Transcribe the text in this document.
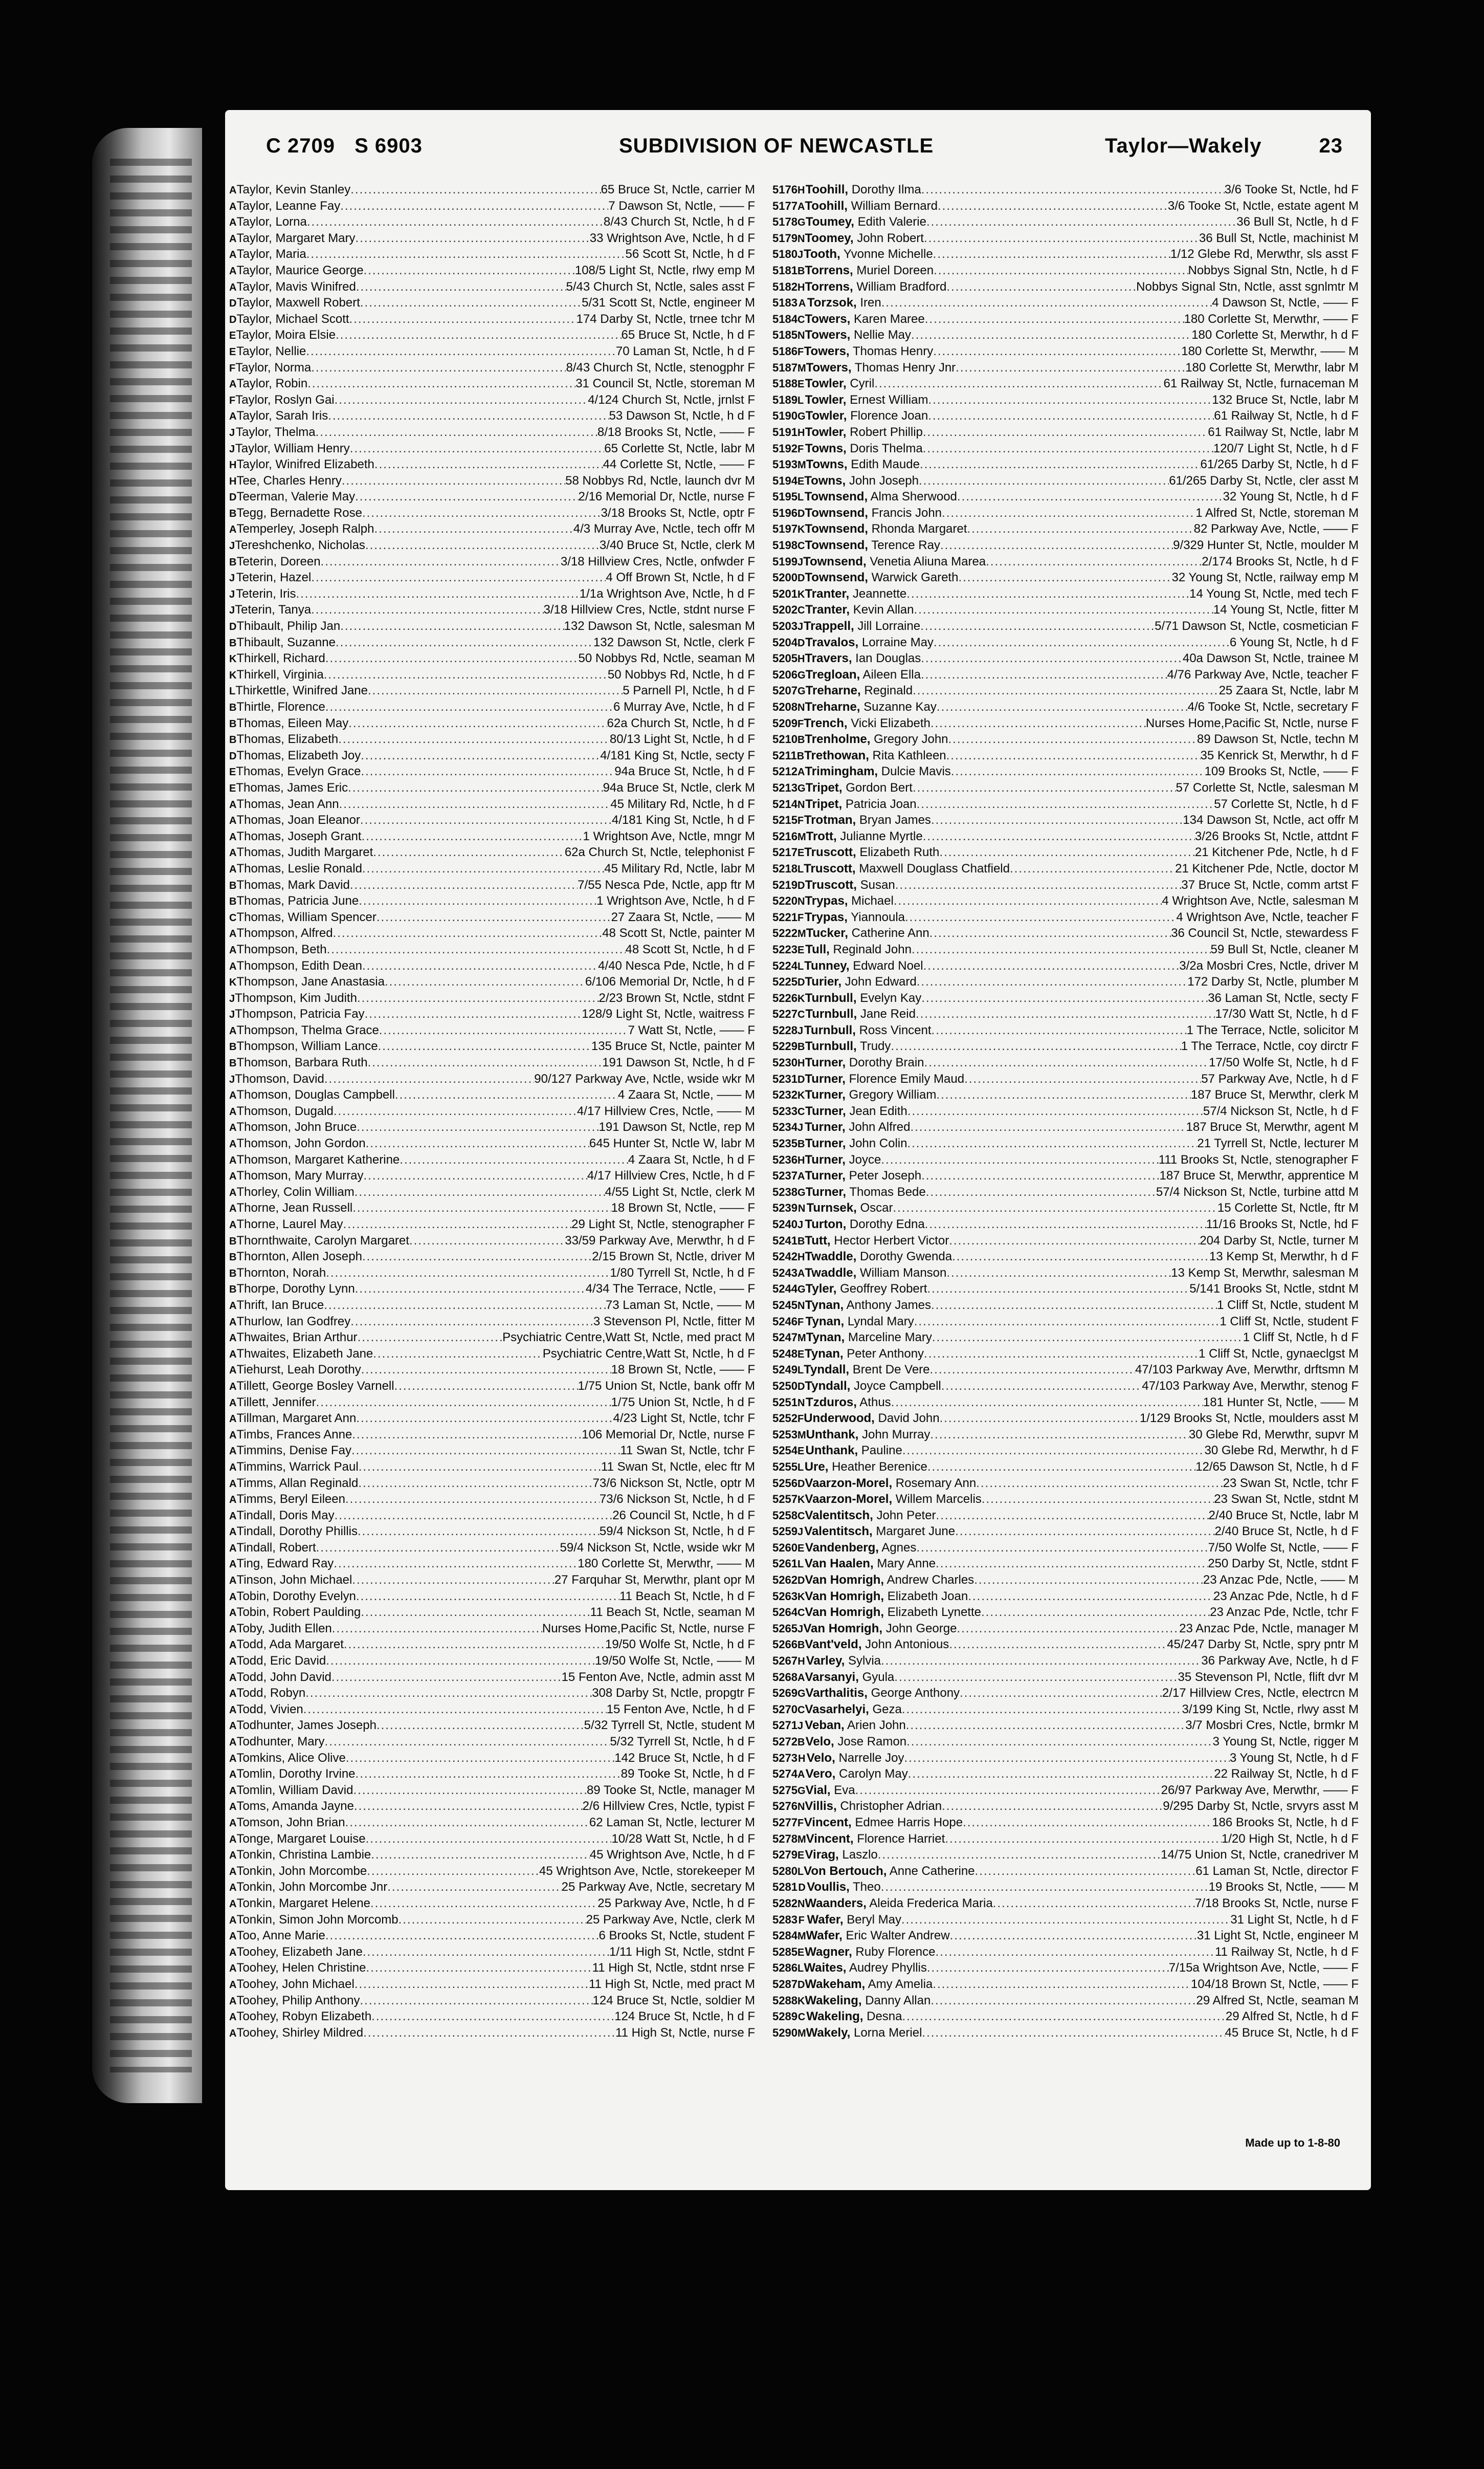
C 2709 S 6903	SUBDIVISION OF NEWCASTLE	Taylor—Wakely	23
A Taylor, Kevin Stanley .....	65 Bruce St, Nctle, carrier M
A Taylor, Leanne Fay .....	7 Dawson St, Nctle, —— F
A Taylor, Lorna .....	8/43 Church St, Nctle, h d F
A Taylor, Margaret Mary .....	33 Wrightson Ave, Nctle, h d F
A Taylor, Maria .....	56 Scott St, Nctle, h d F
A Taylor, Maurice George .....	108/5 Light St, Nctle, rlwy emp M
A Taylor, Mavis Winifred .....	5/43 Church St, Nctle, sales asst F
D Taylor, Maxwell Robert .....	5/31 Scott St, Nctle, engineer M
D Taylor, Michael Scott .....	174 Darby St, Nctle, trnee tchr M
E Taylor, Moira Elsie .....	65 Bruce St, Nctle, h d F
E Taylor, Nellie .....	70 Laman St, Nctle, h d F
F Taylor, Norma .....	8/43 Church St, Nctle, stenogphr F
A Taylor, Robin .....	31 Council St, Nctle, storeman M
F Taylor, Roslyn Gai .....	4/124 Church St, Nctle, jrnlst F
A Taylor, Sarah Iris .....	53 Dawson St, Nctle, h d F
J Taylor, Thelma .....	8/18 Brooks St, Nctle, —— F
J Taylor, William Henry .....	65 Corlette St, Nctle, labr M
H Taylor, Winifred Elizabeth .....	44 Corlette St, Nctle, —— F
H Tee, Charles Henry .....	58 Nobbys Rd, Nctle, launch dvr M
D Teerman, Valerie May .....	2/16 Memorial Dr, Nctle, nurse F
B Tegg, Bernadette Rose .....	3/18 Brooks St, Nctle, optr F
A Temperley, Joseph Ralph .....	4/3 Murray Ave, Nctle, tech offr M
J Tereshchenko, Nicholas .....	3/40 Bruce St, Nctle, clerk M
B Teterin, Doreen .....	3/18 Hillview Cres, Nctle, onfwder F
J Teterin, Hazel .....	4 Off Brown St, Nctle, h d F
J Teterin, Iris .....	1/1a Wrightson Ave, Nctle, h d F
J Teterin, Tanya .....	3/18 Hillview Cres, Nctle, stdnt nurse F
D Thibault, Philip Jan .....	132 Dawson St, Nctle, salesman M
B Thibault, Suzanne .....	132 Dawson St, Nctle, clerk F
K Thirkell, Richard .....	50 Nobbys Rd, Nctle, seaman M
K Thirkell, Virginia .....	50 Nobbys Rd, Nctle, h d F
L Thirkettle, Winifred Jane .....	5 Parnell Pl, Nctle, h d F
B Thirtle, Florence .....	6 Murray Ave, Nctle, h d F
B Thomas, Eileen May .....	62a Church St, Nctle, h d F
B Thomas, Elizabeth .....	80/13 Light St, Nctle, h d F
D Thomas, Elizabeth Joy .....	4/181 King St, Nctle, secty F
E Thomas, Evelyn Grace .....	94a Bruce St, Nctle, h d F
E Thomas, James Eric .....	94a Bruce St, Nctle, clerk M
A Thomas, Jean Ann .....	45 Military Rd, Nctle, h d F
A Thomas, Joan Eleanor .....	4/181 King St, Nctle, h d F
A Thomas, Joseph Grant .....	1 Wrightson Ave, Nctle, mngr M
A Thomas, Judith Margaret .....	62a Church St, Nctle, telephonist F
A Thomas, Leslie Ronald .....	45 Military Rd, Nctle, labr M
B Thomas, Mark David .....	7/55 Nesca Pde, Nctle, app ftr M
B Thomas, Patricia June .....	1 Wrightson Ave, Nctle, h d F
C Thomas, William Spencer .....	27 Zaara St, Nctle, —— M
A Thompson, Alfred .....	48 Scott St, Nctle, painter M
A Thompson, Beth .....	48 Scott St, Nctle, h d F
A Thompson, Edith Dean .....	4/40 Nesca Pde, Nctle, h d F
K Thompson, Jane Anastasia .....	6/106 Memorial Dr, Nctle, h d F
J Thompson, Kim Judith .....	2/23 Brown St, Nctle, stdnt F
J Thompson, Patricia Fay .....	128/9 Light St, Nctle, waitress F
A Thompson, Thelma Grace .....	7 Watt St, Nctle, —— F
B Thompson, William Lance .....	135 Bruce St, Nctle, painter M
B Thomson, Barbara Ruth .....	191 Dawson St, Nctle, h d F
J Thomson, David .....	90/127 Parkway Ave, Nctle, wside wkr M
A Thomson, Douglas Campbell .....	4 Zaara St, Nctle, —— M
A Thomson, Dugald .....	4/17 Hillview Cres, Nctle, —— M
A Thomson, John Bruce .....	191 Dawson St, Nctle, rep M
A Thomson, John Gordon .....	645 Hunter St, Nctle W, labr M
A Thomson, Margaret Katherine .....	4 Zaara St, Nctle, h d F
A Thomson, Mary Murray .....	4/17 Hillview Cres, Nctle, h d F
A Thorley, Colin William .....	4/55 Light St, Nctle, clerk M
A Thorne, Jean Russell .....	18 Brown St, Nctle, —— F
A Thorne, Laurel May .....	29 Light St, Nctle, stenographer F
B Thornthwaite, Carolyn Margaret .....	33/59 Parkway Ave, Merwthr, h d F
B Thornton, Allen Joseph .....	2/15 Brown St, Nctle, driver M
B Thornton, Norah .....	1/80 Tyrrell St, Nctle, h d F
B Thorpe, Dorothy Lynn .....	4/34 The Terrace, Nctle, —— F
A Thrift, Ian Bruce .....	73 Laman St, Nctle, —— M
A Thurlow, Ian Godfrey .....	3 Stevenson Pl, Nctle, fitter M
A Thwaites, Brian Arthur .....	Psychiatric Centre,Watt St, Nctle, med pract M
A Thwaites, Elizabeth Jane .....	Psychiatric Centre,Watt St, Nctle, h d F
A Tiehurst, Leah Dorothy .....	18 Brown St, Nctle, —— F
A Tillett, George Bosley Varnell .....	1/75 Union St, Nctle, bank offr M
A Tillett, Jennifer .....	1/75 Union St, Nctle, h d F
A Tillman, Margaret Ann .....	4/23 Light St, Nctle, tchr F
A Timbs, Frances Anne .....	106 Memorial Dr, Nctle, nurse F
A Timmins, Denise Fay .....	11 Swan St, Nctle, tchr F
A Timmins, Warrick Paul .....	11 Swan St, Nctle, elec ftr M
A Timms, Allan Reginald .....	73/6 Nickson St, Nctle, optr M
A Timms, Beryl Eileen .....	73/6 Nickson St, Nctle, h d F
A Tindall, Doris May .....	26 Council St, Nctle, h d F
A Tindall, Dorothy Phillis .....	59/4 Nickson St, Nctle, h d F
A Tindall, Robert .....	59/4 Nickson St, Nctle, wside wkr M
A Ting, Edward Ray .....	180 Corlette St, Merwthr, —— M
A Tinson, John Michael .....	27 Farquhar St, Merwthr, plant opr M
A Tobin, Dorothy Evelyn .....	11 Beach St, Nctle, h d F
A Tobin, Robert Paulding .....	11 Beach St, Nctle, seaman M
A Toby, Judith Ellen .....	Nurses Home,Pacific St, Nctle, nurse F
A Todd, Ada Margaret .....	19/50 Wolfe St, Nctle, h d F
A Todd, Eric David .....	19/50 Wolfe St, Nctle, —— M
A Todd, John David .....	15 Fenton Ave, Nctle, admin asst M
A Todd, Robyn .....	308 Darby St, Nctle, propgtr F
A Todd, Vivien .....	15 Fenton Ave, Nctle, h d F
A Todhunter, James Joseph .....	5/32 Tyrrell St, Nctle, student M
A Todhunter, Mary .....	5/32 Tyrrell St, Nctle, h d F
A Tomkins, Alice Olive .....	142 Bruce St, Nctle, h d F
A Tomlin, Dorothy Irvine .....	89 Tooke St, Nctle, h d F
A Tomlin, William David .....	89 Tooke St, Nctle, manager M
A Toms, Amanda Jayne .....	2/6 Hillview Cres, Nctle, typist F
A Tomson, John Brian .....	62 Laman St, Nctle, lecturer M
A Tonge, Margaret Louise .....	10/28 Watt St, Nctle, h d F
A Tonkin, Christina Lambie .....	45 Wrightson Ave, Nctle, h d F
A Tonkin, John Morcombe .....	45 Wrightson Ave, Nctle, storekeeper M
A Tonkin, John Morcombe Jnr .....	25 Parkway Ave, Nctle, secretary M
A Tonkin, Margaret Helene .....	25 Parkway Ave, Nctle, h d F
A Tonkin, Simon John Morcomb .....	25 Parkway Ave, Nctle, clerk M
A Too, Anne Marie .....	6 Brooks St, Nctle, student F
A Toohey, Elizabeth Jane .....	1/11 High St, Nctle, stdnt F
A Toohey, Helen Christine .....	11 High St, Nctle, stdnt nrse F
A Toohey, John Michael .....	11 High St, Nctle, med pract M
A Toohey, Philip Anthony .....	124 Bruce St, Nctle, soldier M
A Toohey, Robyn Elizabeth .....	124 Bruce St, Nctle, h d F
A Toohey, Shirley Mildred .....	11 High St, Nctle, nurse F
5176 H Toohill, Dorothy Ilma .....	3/6 Tooke St, Nctle, hd F
5177 A Toohill, William Bernard .....	3/6 Tooke St, Nctle, estate agent M
5178 G Toumey, Edith Valerie .....	36 Bull St, Nctle, h d F
5179 N Toomey, John Robert .....	36 Bull St, Nctle, machinist M
5180 J Tooth, Yvonne Michelle .....	1/12 Glebe Rd, Merwthr, sls asst F
5181 B Torrens, Muriel Doreen .....	Nobbys Signal Stn, Nctle, h d F
5182 H Torrens, William Bradford .....	Nobbys Signal Stn, Nctle, asst sgnlmtr M
5183 A Torzsok, Iren .....	4 Dawson St, Nctle, —— F
5184 C Towers, Karen Maree .....	180 Corlette St, Merwthr, —— F
5185 N Towers, Nellie May .....	180 Corlette St, Merwthr, h d F
5186 F Towers, Thomas Henry .....	180 Corlette St, Merwthr, —— M
5187 M Towers, Thomas Henry Jnr .....	180 Corlette St, Merwthr, labr M
5188 E Towler, Cyril .....	61 Railway St, Nctle, furnaceman M
5189 L Towler, Ernest William .....	132 Bruce St, Nctle, labr M
5190 G Towler, Florence Joan .....	61 Railway St, Nctle, h d F
5191 H Towler, Robert Phillip .....	61 Railway St, Nctle, labr M
5192 F Towns, Doris Thelma .....	120/7 Light St, Nctle, h d F
5193 M Towns, Edith Maude .....	61/265 Darby St, Nctle, h d F
5194 E Towns, John Joseph .....	61/265 Darby St, Nctle, cler asst M
5195 L Townsend, Alma Sherwood .....	32 Young St, Nctle, h d F
5196 D Townsend, Francis John .....	1 Alfred St, Nctle, storeman M
5197 K Townsend, Rhonda Margaret .....	82 Parkway Ave, Nctle, —— F
5198 C Townsend, Terence Ray .....	9/329 Hunter St, Nctle, moulder M
5199 J Townsend, Venetia Aliuna Marea .....	2/174 Brooks St, Nctle, h d F
5200 D Townsend, Warwick Gareth .....	32 Young St, Nctle, railway emp M
5201 K Tranter, Jeannette .....	14 Young St, Nctle, med tech F
5202 C Tranter, Kevin Allan .....	14 Young St, Nctle, fitter M
5203 J Trappell, Jill Lorraine .....	5/71 Dawson St, Nctle, cosmetician F
5204 D Travalos, Lorraine May .....	6 Young St, Nctle, h d F
5205 H Travers, Ian Douglas .....	40a Dawson St, Nctle, trainee M
5206 G Tregloan, Aileen Ella .....	4/76 Parkway Ave, Nctle, teacher F
5207 G Treharne, Reginald .....	25 Zaara St, Nctle, labr M
5208 N Treharne, Suzanne Kay .....	4/6 Tooke St, Nctle, secretary F
5209 F Trench, Vicki Elizabeth .....	Nurses Home,Pacific St, Nctle, nurse F
5210 B Trenholme, Gregory John .....	89 Dawson St, Nctle, techn M
5211 B Trethowan, Rita Kathleen .....	35 Kenrick St, Merwthr, h d F
5212 A Trimingham, Dulcie Mavis .....	109 Brooks St, Nctle, —— F
5213 G Tripet, Gordon Bert .....	57 Corlette St, Nctle, salesman M
5214 N Tripet, Patricia Joan .....	57 Corlette St, Nctle, h d F
5215 F Trotman, Bryan James .....	134 Dawson St, Nctle, act offr M
5216 M Trott, Julianne Myrtle .....	3/26 Brooks St, Nctle, attdnt F
5217 E Truscott, Elizabeth Ruth .....	21 Kitchener Pde, Nctle, h d F
5218 L Truscott, Maxwell Douglass Chatfield .....	21 Kitchener Pde, Nctle, doctor M
5219 D Truscott, Susan .....	37 Bruce St, Nctle, comm artst F
5220 N Trypas, Michael .....	4 Wrightson Ave, Nctle, salesman M
5221 F Trypas, Yiannoula .....	4 Wrightson Ave, Nctle, teacher F
5222 M Tucker, Catherine Ann .....	36 Council St, Nctle, stewardess F
5223 E Tull, Reginald John .....	59 Bull St, Nctle, cleaner M
5224 L Tunney, Edward Noel .....	3/2a Mosbri Cres, Nctle, driver M
5225 D Turier, John Edward .....	172 Darby St, Nctle, plumber M
5226 K Turnbull, Evelyn Kay .....	36 Laman St, Nctle, secty F
5227 C Turnbull, Jane Reid .....	17/30 Watt St, Nctle, h d F
5228 J Turnbull, Ross Vincent .....	1 The Terrace, Nctle, solicitor M
5229 B Turnbull, Trudy .....	1 The Terrace, Nctle, coy dirctr F
5230 H Turner, Dorothy Brain .....	17/50 Wolfe St, Nctle, h d F
5231 D Turner, Florence Emily Maud .....	57 Parkway Ave, Nctle, h d F
5232 K Turner, Gregory William .....	187 Bruce St, Merwthr, clerk M
5233 C Turner, Jean Edith .....	57/4 Nickson St, Nctle, h d F
5234 J Turner, John Alfred .....	187 Bruce St, Merwthr, agent M
5235 B Turner, John Colin .....	21 Tyrrell St, Nctle, lecturer M
5236 H Turner, Joyce .....	111 Brooks St, Nctle, stenographer F
5237 A Turner, Peter Joseph .....	187 Bruce St, Merwthr, apprentice M
5238 G Turner, Thomas Bede .....	57/4 Nickson St, Nctle, turbine attd M
5239 N Turnsek, Oscar .....	15 Corlette St, Nctle, ftr M
5240 J Turton, Dorothy Edna .....	11/16 Brooks St, Nctle, hd F
5241 B Tutt, Hector Herbert Victor .....	204 Darby St, Nctle, turner M
5242 H Twaddle, Dorothy Gwenda .....	13 Kemp St, Merwthr, h d F
5243 A Twaddle, William Manson .....	13 Kemp St, Merwthr, salesman M
5244 G Tyler, Geoffrey Robert .....	5/141 Brooks St, Nctle, stdnt M
5245 N Tynan, Anthony James .....	1 Cliff St, Nctle, student M
5246 F Tynan, Lyndal Mary .....	1 Cliff St, Nctle, student F
5247 M Tynan, Marceline Mary .....	1 Cliff St, Nctle, h d F
5248 E Tynan, Peter Anthony .....	1 Cliff St, Nctle, gynaeclgst M
5249 L Tyndall, Brent De Vere .....	47/103 Parkway Ave, Merwthr, drftsmn M
5250 D Tyndall, Joyce Campbell .....	47/103 Parkway Ave, Merwthr, stenog F
5251 N Tzduros, Athus .....	181 Hunter St, Nctle, —— M
5252 F Underwood, David John .....	1/129 Brooks St, Nctle, moulders asst M
5253 M Unthank, John Murray .....	30 Glebe Rd, Merwthr, supvr M
5254 E Unthank, Pauline .....	30 Glebe Rd, Merwthr, h d F
5255 L Ure, Heather Berenice .....	12/65 Dawson St, Nctle, h d F
5256 D Vaarzon-Morel, Rosemary Ann .....	23 Swan St, Nctle, tchr F
5257 K Vaarzon-Morel, Willem Marcelis .....	23 Swan St, Nctle, stdnt M
5258 C Valentitsch, John Peter .....	2/40 Bruce St, Nctle, labr M
5259 J Valentitsch, Margaret June .....	2/40 Bruce St, Nctle, h d F
5260 E Vandenberg, Agnes .....	7/50 Wolfe St, Nctle, —— F
5261 L Van Haalen, Mary Anne .....	250 Darby St, Nctle, stdnt F
5262 D Van Homrigh, Andrew Charles .....	23 Anzac Pde, Nctle, —— M
5263 K Van Homrigh, Elizabeth Joan .....	23 Anzac Pde, Nctle, h d F
5264 C Van Homrigh, Elizabeth Lynette .....	23 Anzac Pde, Nctle, tchr F
5265 J Van Homrigh, John George .....	23 Anzac Pde, Nctle, manager M
5266 B Vant'veld, John Antonious .....	45/247 Darby St, Nctle, spry pntr M
5267 H Varley, Sylvia .....	36 Parkway Ave, Nctle, h d F
5268 A Varsanyi, Gyula .....	35 Stevenson Pl, Nctle, flift dvr M
5269 G Varthalitis, George Anthony .....	2/17 Hillview Cres, Nctle, electrcn M
5270 C Vasarhelyi, Geza .....	3/199 King St, Nctle, rlwy asst M
5271 J Veban, Arien John .....	3/7 Mosbri Cres, Nctle, brmkr M
5272 B Velo, Jose Ramon .....	3 Young St, Nctle, rigger M
5273 H Velo, Narrelle Joy .....	3 Young St, Nctle, h d F
5274 A Vero, Carolyn May .....	22 Railway St, Nctle, h d F
5275 G Vial, Eva .....	26/97 Parkway Ave, Merwthr, —— F
5276 N Villis, Christopher Adrian .....	9/295 Darby St, Nctle, srvyrs asst M
5277 F Vincent, Edmee Harris Hope .....	186 Brooks St, Nctle, h d F
5278 M Vincent, Florence Harriet .....	1/20 High St, Nctle, h d F
5279 E Virag, Laszlo .....	14/75 Union St, Nctle, cranedriver M
5280 L Von Bertouch, Anne Catherine .....	61 Laman St, Nctle, director F
5281 D Voullis, Theo .....	19 Brooks St, Nctle, —— M
5282 N Waanders, Aleida Frederica Maria .....	7/18 Brooks St, Nctle, nurse F
5283 F Wafer, Beryl May .....	31 Light St, Nctle, h d F
5284 M Wafer, Eric Walter Andrew .....	31 Light St, Nctle, engineer M
5285 E Wagner, Ruby Florence .....	11 Railway St, Nctle, h d F
5286 L Waites, Audrey Phyllis .....	7/15a Wrightson Ave, Nctle, —— F
5287 D Wakeham, Amy Amelia .....	104/18 Brown St, Nctle, —— F
5288 K Wakeling, Danny Allan .....	29 Alfred St, Nctle, seaman M
5289 C Wakeling, Desna .....	29 Alfred St, Nctle, h d F
5290 M Wakely, Lorna Meriel .....	45 Bruce St, Nctle, h d F
Made up to 1-8-80
